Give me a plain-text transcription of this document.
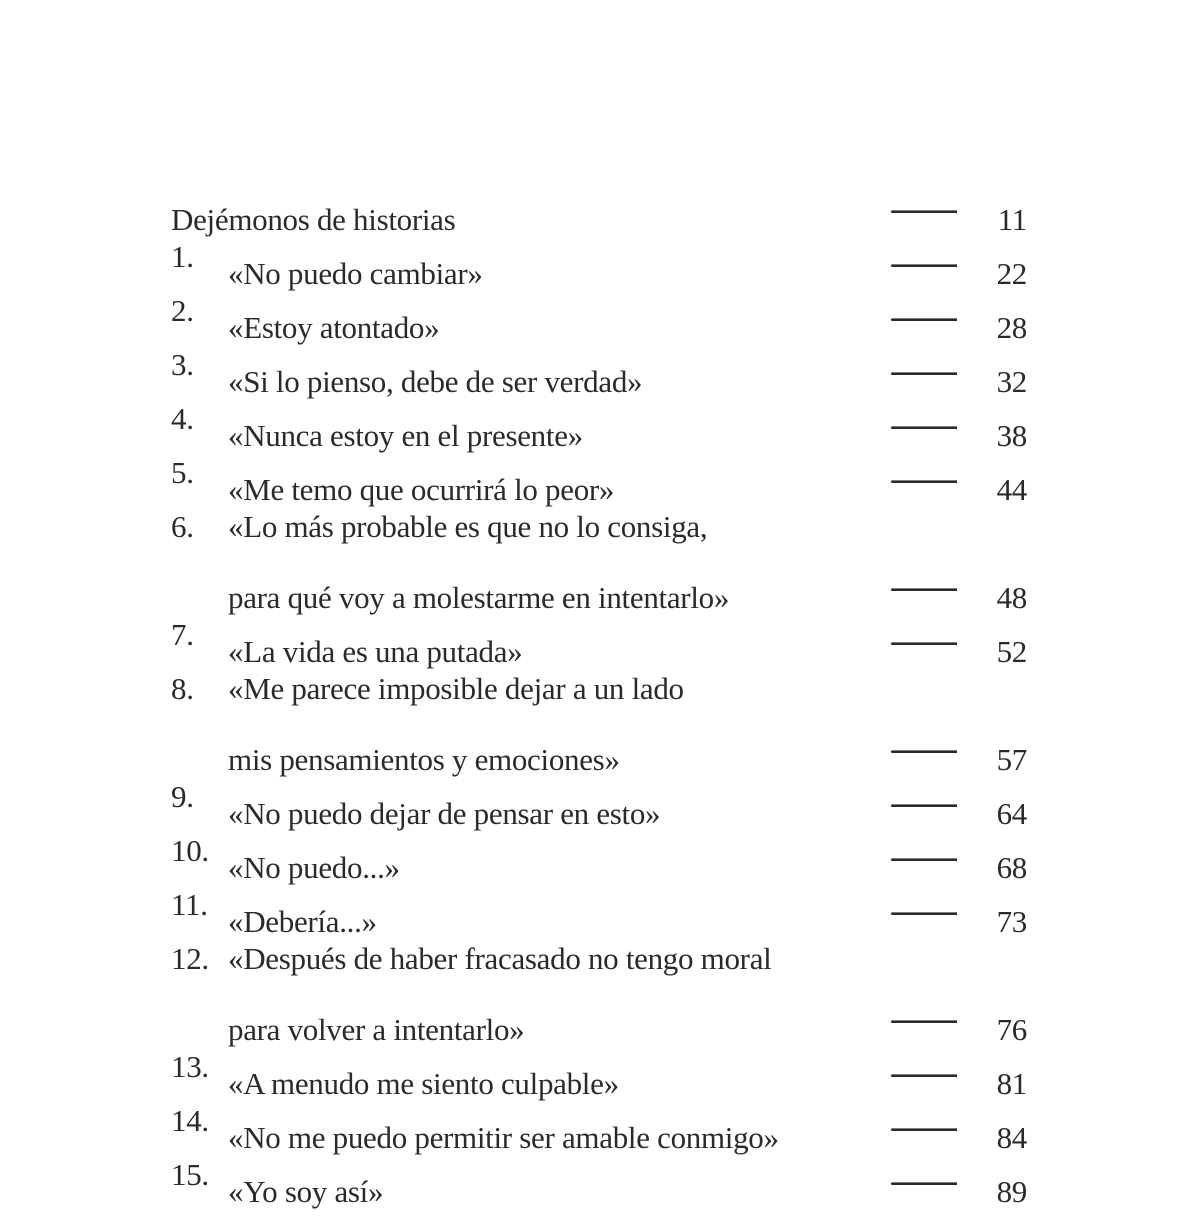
Dejémonos de historias . . .	11
1. «No puedo cambiar» . . .	22
2. «Estoy atontado» . . .	28
3. «Si lo pienso, debe de ser verdad» . . .	32
4. «Nunca estoy en el presente» . . .	38
5. «Me temo que ocurrirá lo peor» . . .	44
6. «Lo más probable es que no lo consiga,
para qué voy a molestarme en intentarlo» . . .	48
7. «La vida es una putada» . . .	52
8. «Me parece imposible dejar a un lado
mis pensamientos y emociones» . . .	57
9. «No puedo dejar de pensar en esto» . . .	64
10. «No puedo...» . . .	68
11. «Debería...» . . .	73
12. «Después de haber fracasado no tengo moral
para volver a intentarlo» . . .	76
13. «A menudo me siento culpable» . . .	81
14. «No me puedo permitir ser amable conmigo» . . .	84
15. «Yo soy así» . . .	89
